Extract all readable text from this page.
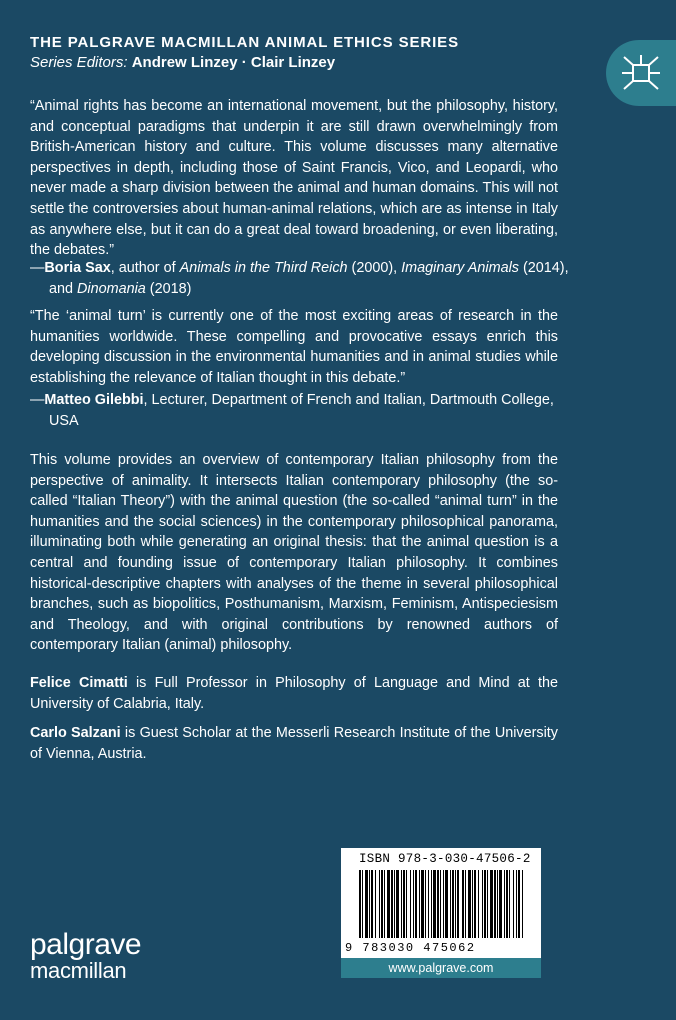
THE PALGRAVE MACMILLAN ANIMAL ETHICS SERIES
Series Editors: Andrew Linzey · Clair Linzey
“Animal rights has become an international movement, but the philosophy, history, and conceptual paradigms that underpin it are still drawn overwhelmingly from British-American history and culture. This volume discusses many alternative perspectives in depth, including those of Saint Francis, Vico, and Leopardi, who never made a sharp division between the animal and human domains. This will not settle the controversies about human-animal relations, which are as intense in Italy as anywhere else, but it can do a great deal toward broadening, or even liberating, the debates.”
—Boria Sax, author of Animals in the Third Reich (2000), Imaginary Animals (2014), and Dinomania (2018)
“The ‘animal turn’ is currently one of the most exciting areas of research in the humanities worldwide. These compelling and provocative essays enrich this developing discussion in the environmental humanities and in animal studies while establishing the relevance of Italian thought in this debate.”
—Matteo Gilebbi, Lecturer, Department of French and Italian, Dartmouth College, USA
This volume provides an overview of contemporary Italian philosophy from the perspective of animality. It intersects Italian contemporary philosophy (the so-called “Italian Theory”) with the animal question (the so-called “animal turn” in the humanities and the social sciences) in the contemporary philosophical panorama, illuminating both while generating an original thesis: that the animal question is a central and founding issue of contemporary Italian philosophy. It combines historical-descriptive chapters with analyses of the theme in several philosophical branches, such as biopolitics, Posthumanism, Marxism, Feminism, Antispeciesism and Theology, and with original contributions by renowned authors of contemporary Italian (animal) philosophy.
Felice Cimatti is Full Professor in Philosophy of Language and Mind at the University of Calabria, Italy.
Carlo Salzani is Guest Scholar at the Messerli Research Institute of the University of Vienna, Austria.
ISBN 978-3-030-47506-2
9 783030 475062
www.palgrave.com
palgrave
macmillan
